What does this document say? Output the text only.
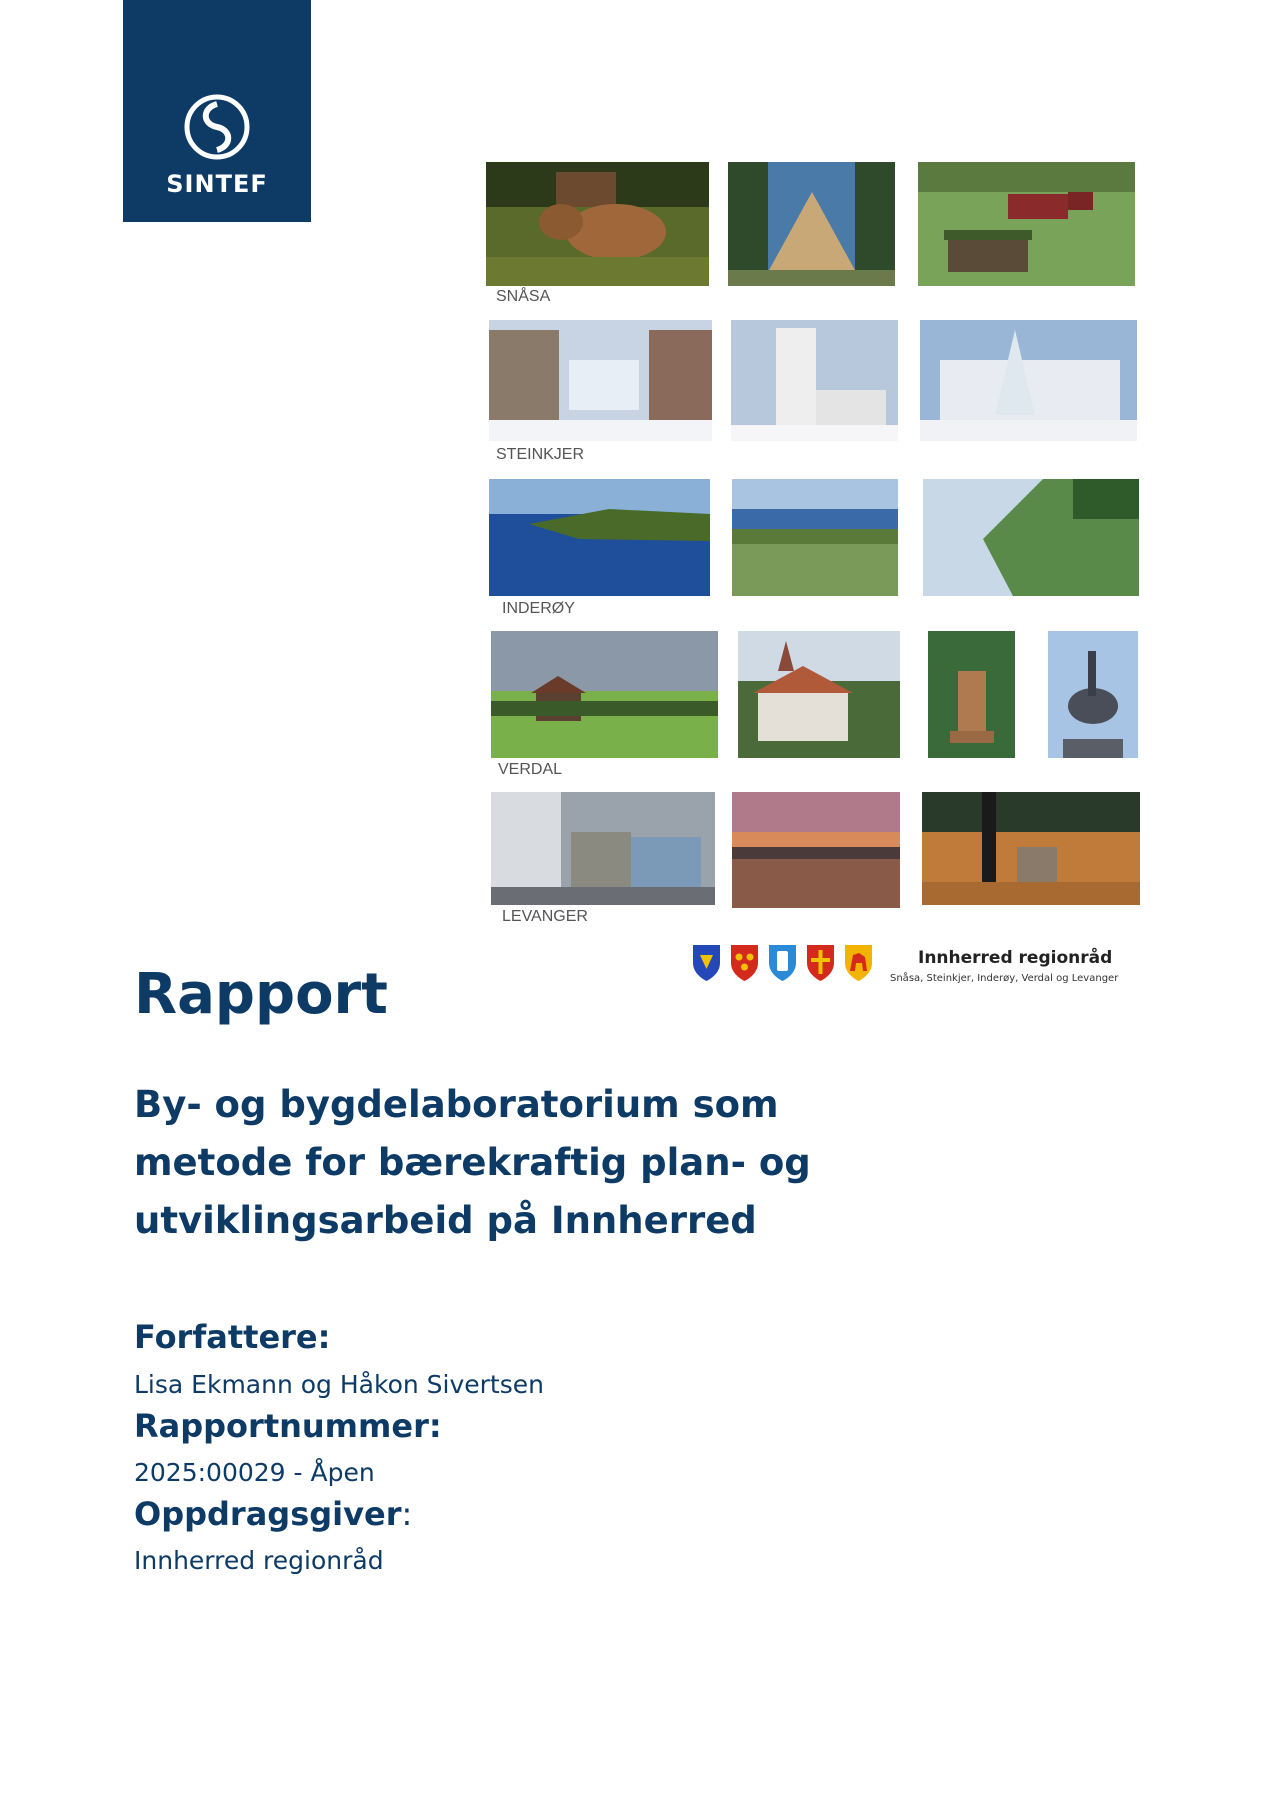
SINTEF
SNÅSA
STEINKJER
INDERØY
VERDAL
LEVANGER
Innherred regionråd
Snåsa, Steinkjer, Inderøy, Verdal og Levanger
Rapport
By- og bygdelaboratorium som metode for bærekraftig plan- og utviklingsarbeid på Innherred
Forfattere:
Lisa Ekmann og Håkon Sivertsen
Rapportnummer:
2025:00029 - Åpen
Oppdragsgiver:
Innherred regionråd
